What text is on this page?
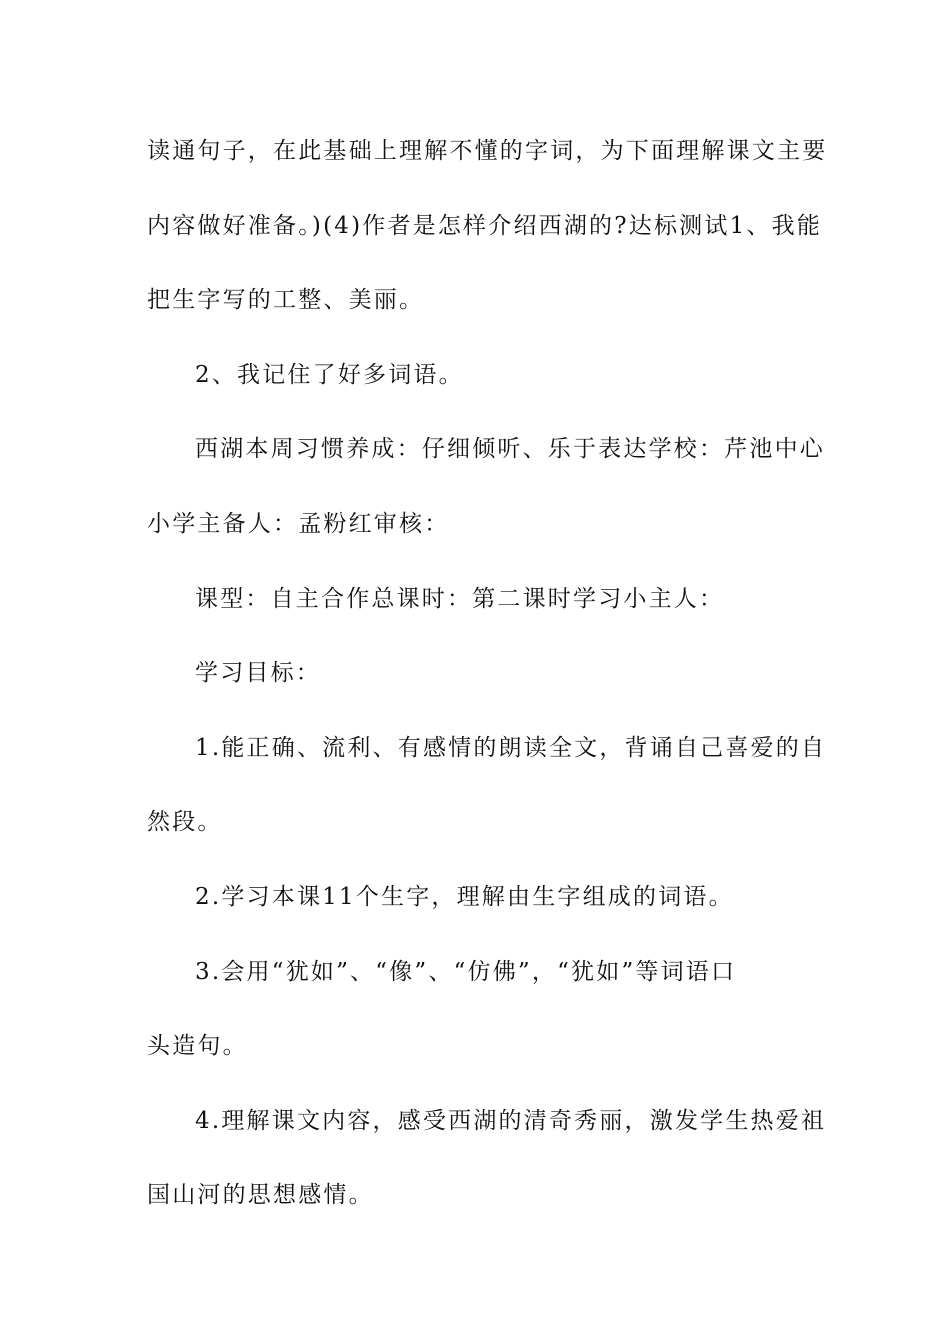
读通句子，在此基础上理解不懂的字词，为下面理解课文主要
内容做好准备。)(4)作者是怎样介绍西湖的?达标测试1、我能
把生字写的工整、美丽。
2、我记住了好多词语。
西湖本周习惯养成：仔细倾听、乐于表达学校：芹池中心
小学主备人：孟粉红审核：
课型：自主合作总课时：第二课时学习小主人：
学习目标：
1.能正确、流利、有感情的朗读全文，背诵自己喜爱的自
然段。
2.学习本课11个生字，理解由生字组成的词语。
3.会用“犹如”、“像”、“仿佛”，“犹如”等词语口
头造句。
4.理解课文内容，感受西湖的清奇秀丽，激发学生热爱祖
国山河的思想感情。
